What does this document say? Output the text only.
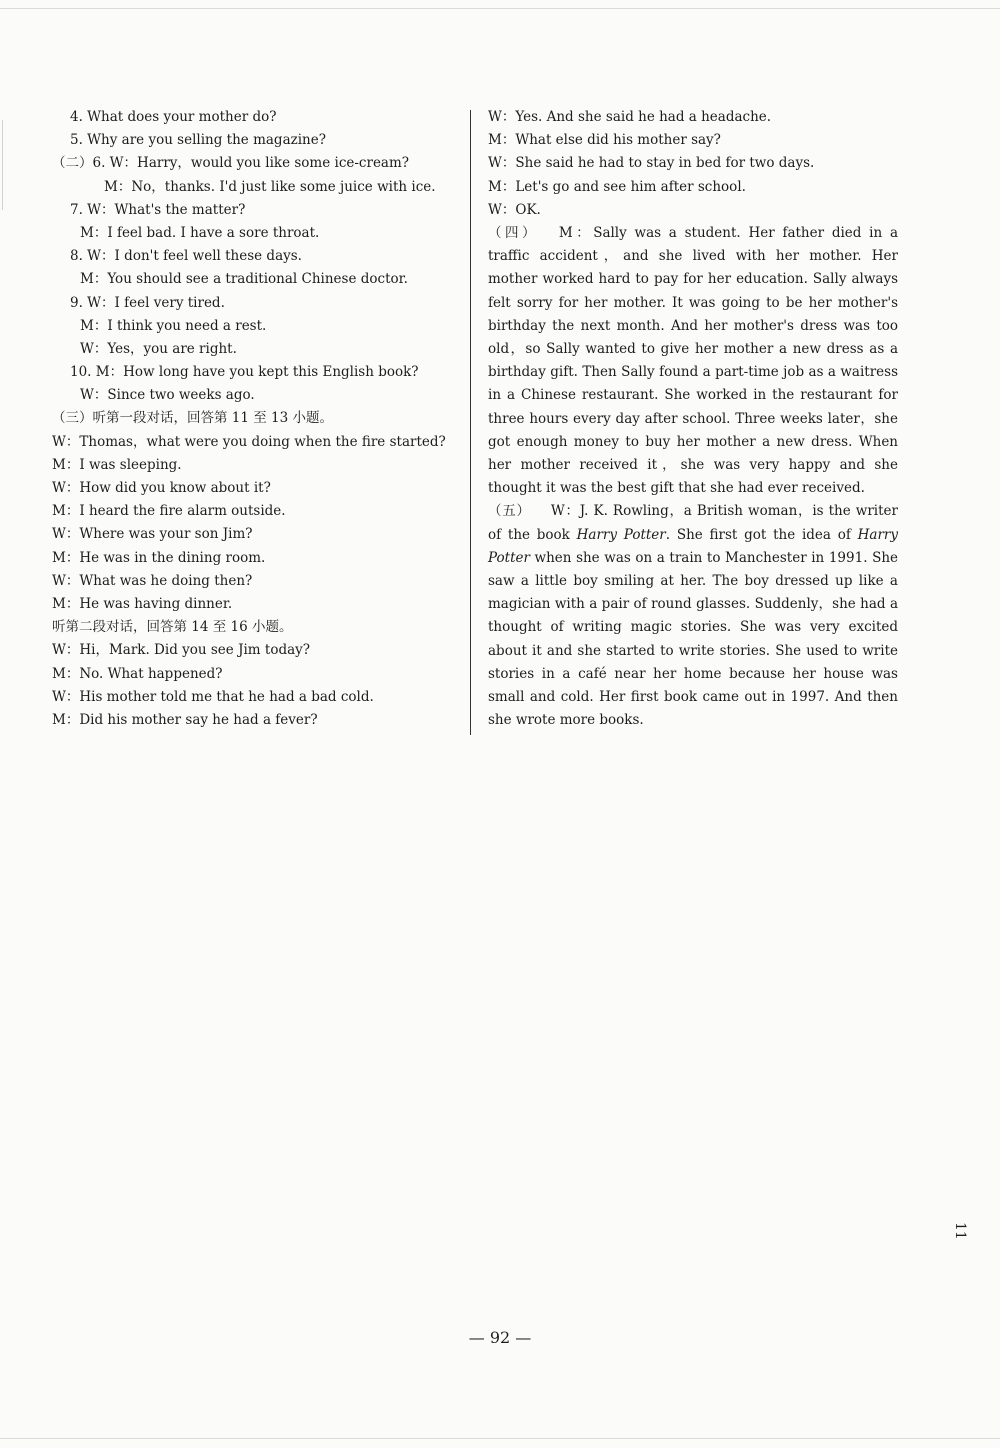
4. What does your mother do?
5. Why are you selling the magazine?
（二）6. W：Harry，would you like some ice-cream?
M：No，thanks. I'd just like some juice with ice.
7. W：What's the matter?
M：I feel bad. I have a sore throat.
8. W：I don't feel well these days.
M：You should see a traditional Chinese doctor.
9. W：I feel very tired.
M：I think you need a rest.
W：Yes，you are right.
10. M：How long have you kept this English book?
W：Since two weeks ago.
（三）听第一段对话，回答第 11 至 13 小题。
W：Thomas，what were you doing when the fire started?
M：I was sleeping.
W：How did you know about it?
M：I heard the fire alarm outside.
W：Where was your son Jim?
M：He was in the dining room.
W：What was he doing then?
M：He was having dinner.
听第二段对话，回答第 14 至 16 小题。
W：Hi，Mark. Did you see Jim today?
M：No. What happened?
W：His mother told me that he had a bad cold.
M：Did his mother say he had a fever?
W：Yes. And she said he had a headache.
M：What else did his mother say?
W：She said he had to stay in bed for two days.
M：Let's go and see him after school.
W：OK.

（四） M：Sally was a student. Her father died in a traffic accident，and she lived with her mother. Her mother worked hard to pay for her education. Sally always felt sorry for her mother. It was going to be her mother's birthday the next month. And her mother's dress was too old，so Sally wanted to give her mother a new dress as a birthday gift. Then Sally found a part-time job as a waitress in a Chinese restaurant. She worked in the restaurant for three hours every day after school. Three weeks later，she got enough money to buy her mother a new dress. When her mother received it，she was very happy and she thought it was the best gift that she had ever received.

（五） W：J. K. Rowling，a British woman，is the writer of the book Harry Potter. She first got the idea of Harry Potter when she was on a train to Manchester in 1991. She saw a little boy smiling at her. The boy dressed up like a magician with a pair of round glasses. Suddenly，she had a thought of writing magic stories. She was very excited about it and she started to write stories. She used to write stories in a café near her home because her house was small and cold. Her first book came out in 1997. And then she wrote more books.

11
— 92 —
